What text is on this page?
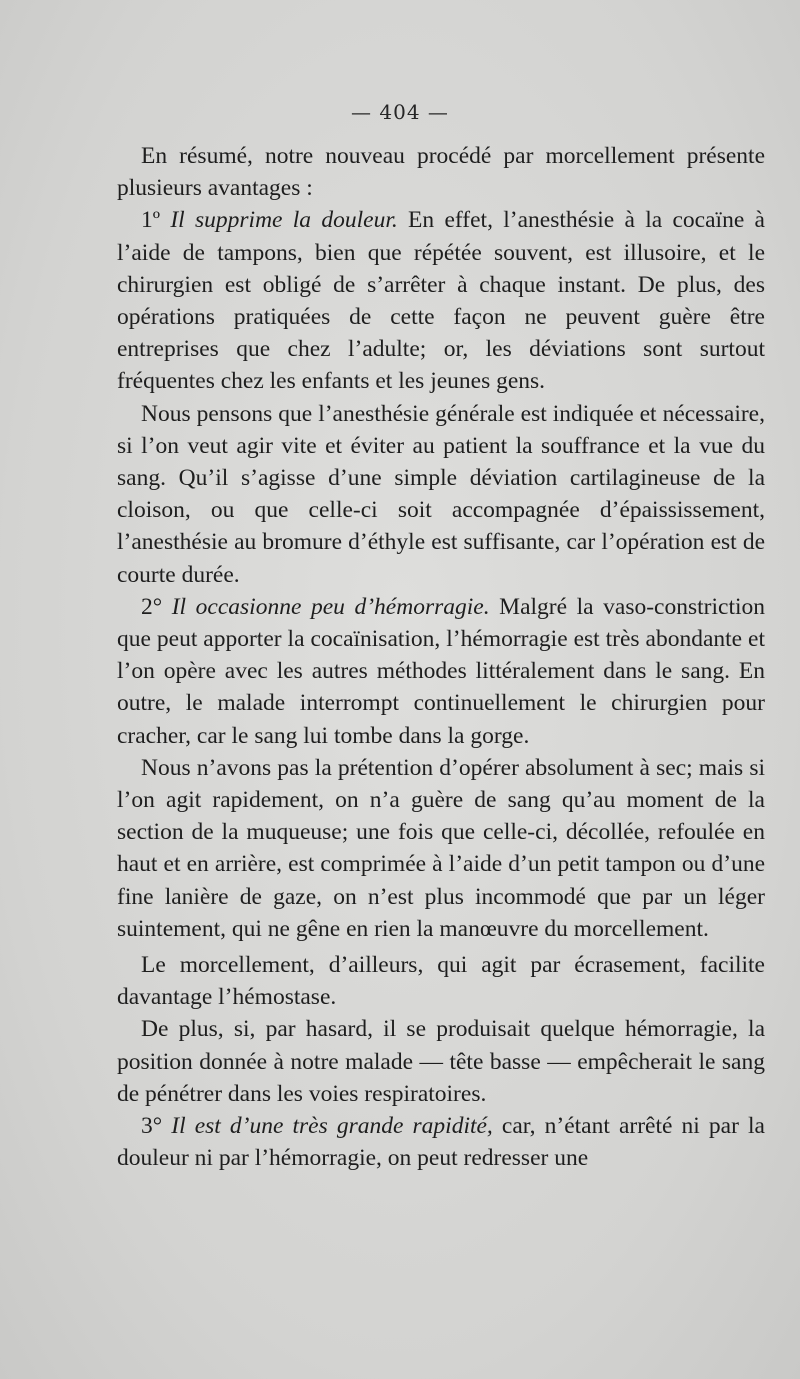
— 404 —

En résumé, notre nouveau procédé par morcellement présente plusieurs avantages :

1º Il supprime la douleur. En effet, l’anesthésie à la cocaïne à l’aide de tampons, bien que répétée souvent, est illusoire, et le chirurgien est obligé de s’arrêter à chaque instant. De plus, des opérations pratiquées de cette façon ne peuvent guère être entreprises que chez l’adulte; or, les déviations sont surtout fréquentes chez les enfants et les jeunes gens.

Nous pensons que l’anesthésie générale est indiquée et nécessaire, si l’on veut agir vite et éviter au patient la souffrance et la vue du sang. Qu’il s’agisse d’une simple déviation cartilagineuse de la cloison, ou que celle-ci soit accompagnée d’épaississement, l’anesthésie au bromure d’éthyle est suffisante, car l’opération est de courte durée.

2° Il occasionne peu d’hémorragie. Malgré la vaso-constriction que peut apporter la cocaïnisation, l’hémorragie est très abondante et l’on opère avec les autres méthodes littéralement dans le sang. En outre, le malade interrompt continuellement le chirurgien pour cracher, car le sang lui tombe dans la gorge.

Nous n’avons pas la prétention d’opérer absolument à sec; mais si l’on agit rapidement, on n’a guère de sang qu’au moment de la section de la muqueuse; une fois que celle-ci, décollée, refoulée en haut et en arrière, est comprimée à l’aide d’un petit tampon ou d’une fine lanière de gaze, on n’est plus incommodé que par un léger suintement, qui ne gêne en rien la manœuvre du morcellement.

Le morcellement, d’ailleurs, qui agit par écrasement, facilite davantage l’hémostase.

De plus, si, par hasard, il se produisait quelque hémorragie, la position donnée à notre malade — tête basse — empêcherait le sang de pénétrer dans les voies respiratoires.

3° Il est d’une très grande rapidité, car, n’étant arrêté ni par la douleur ni par l’hémorragie, on peut redresser une
